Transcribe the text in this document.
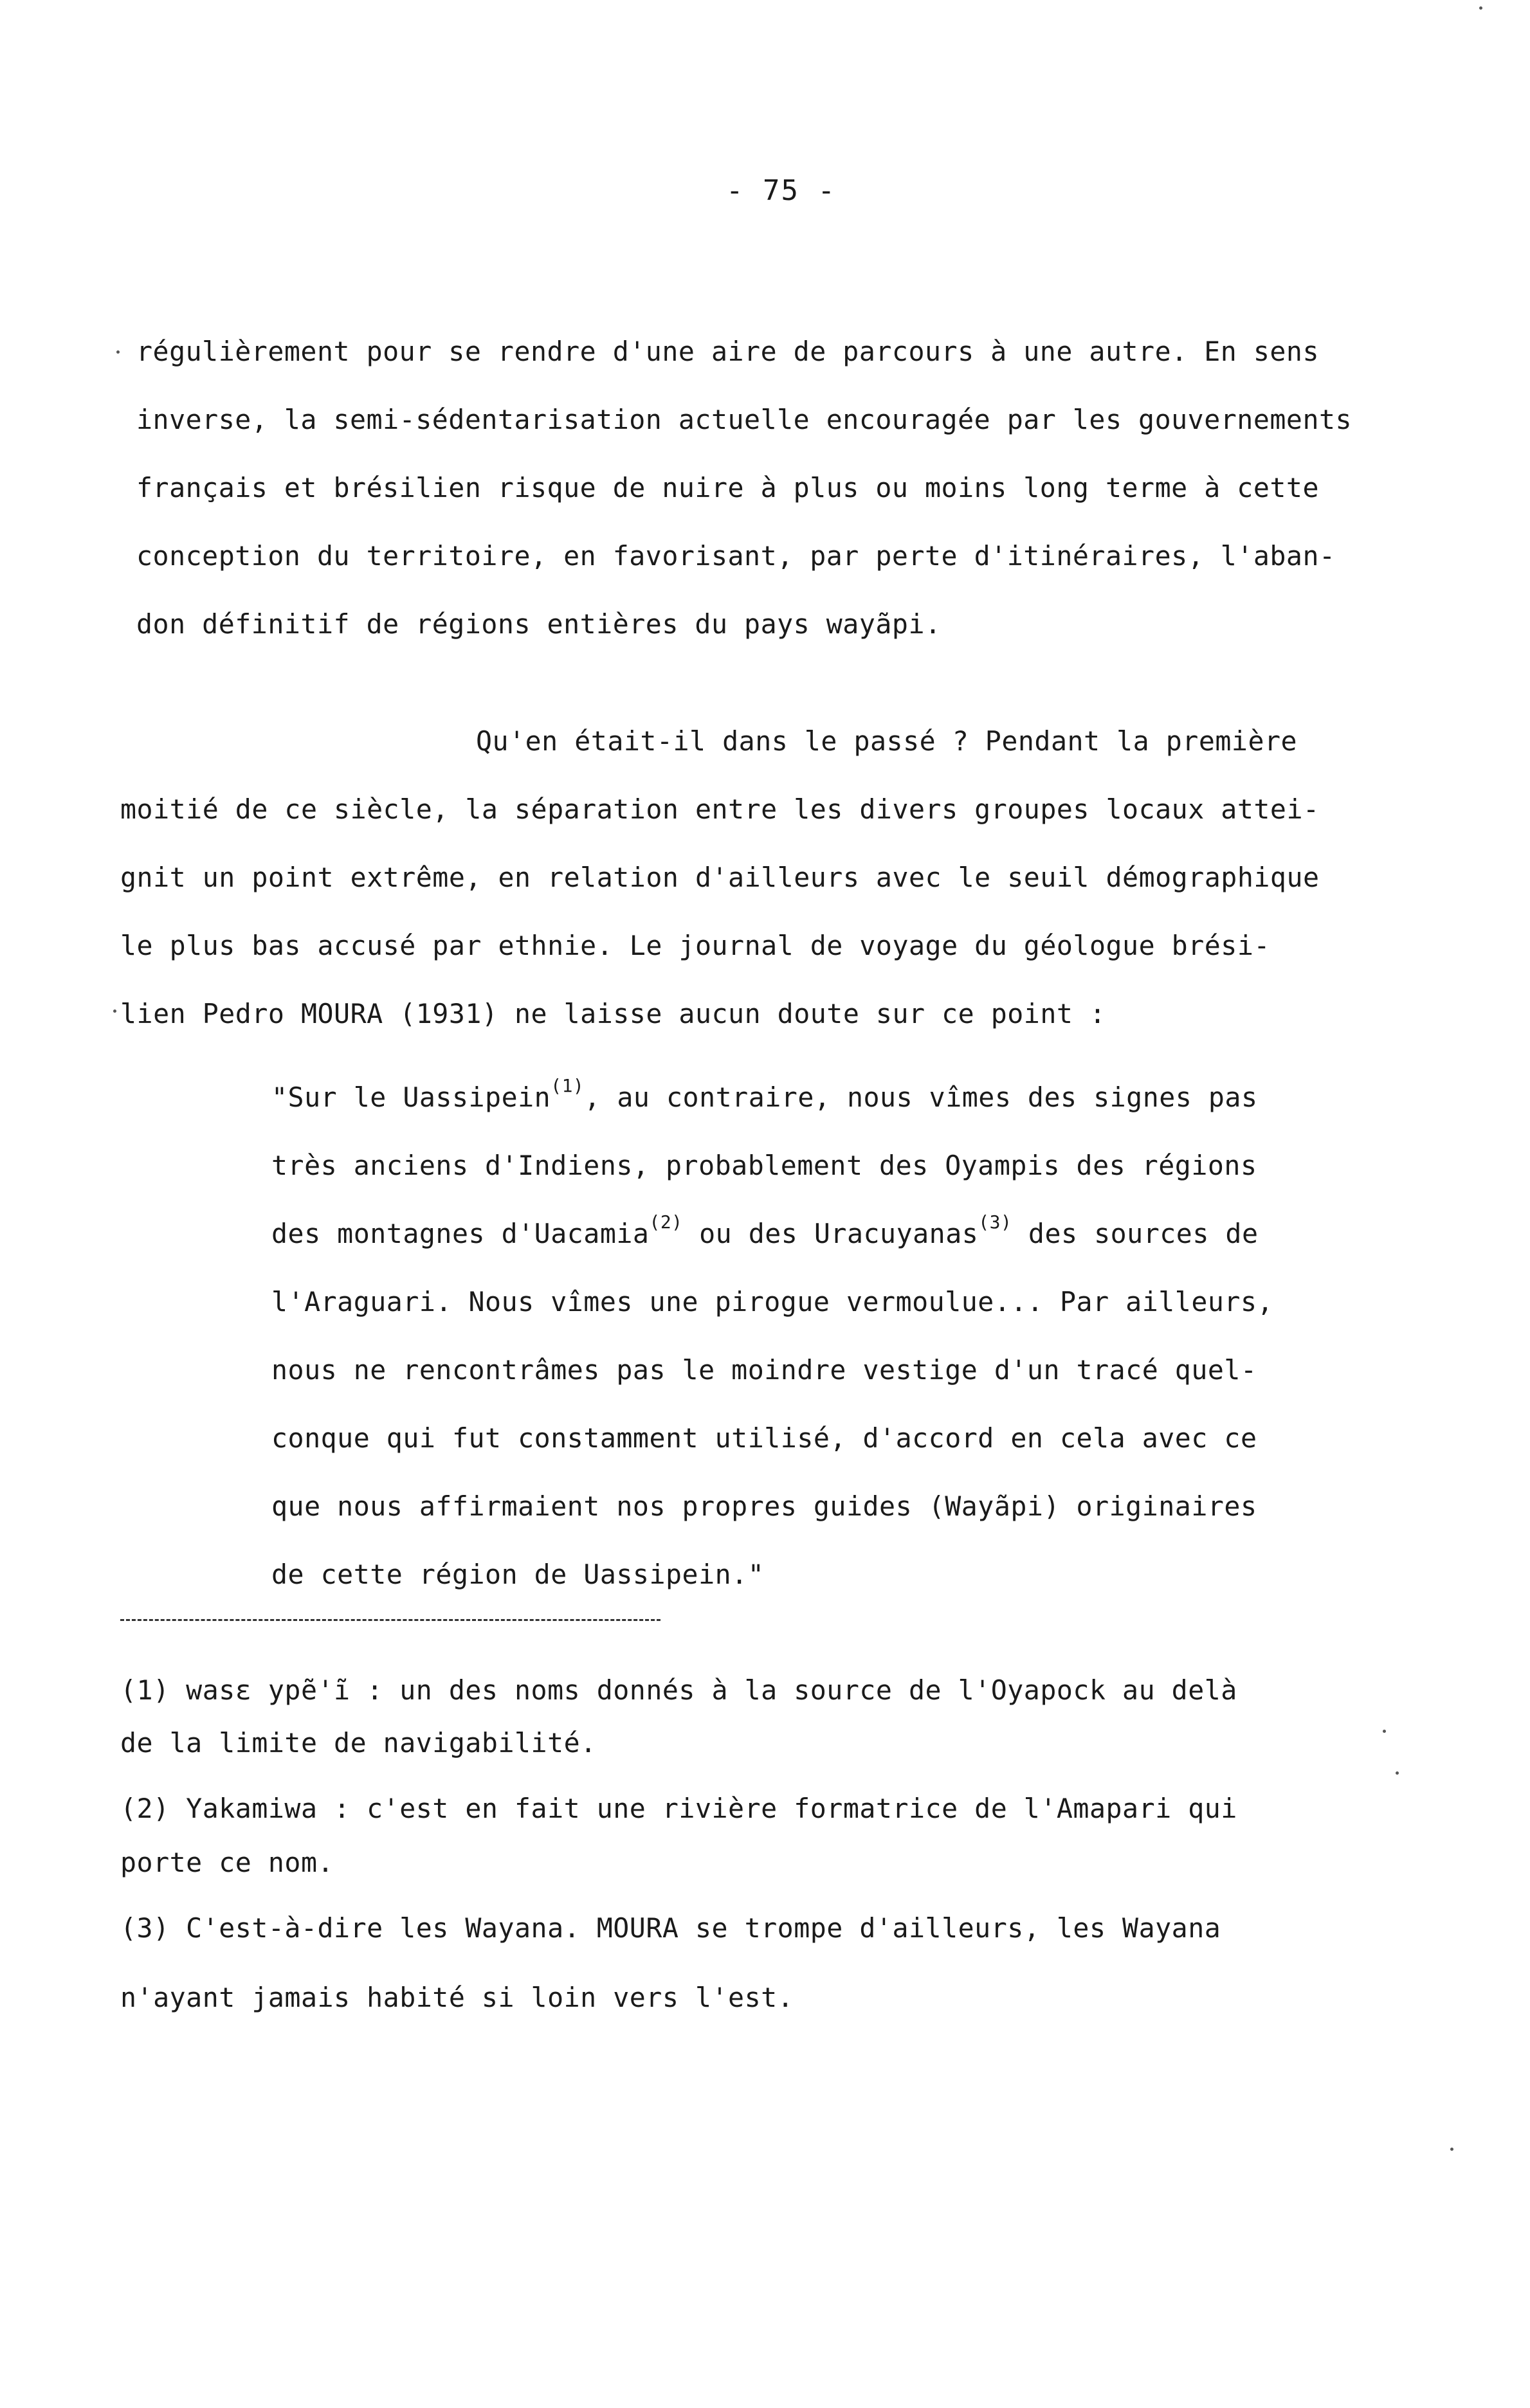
- 75 -
régulièrement pour se rendre d'une aire de parcours à une autre. En sens
inverse, la semi-sédentarisation actuelle encouragée par les gouvernements
français et brésilien risque de nuire à plus ou moins long terme à cette
conception du territoire, en favorisant, par perte d'itinéraires, l'aban-
don définitif de régions entières du pays wayãpi.
Qu'en était-il dans le passé ? Pendant la première
moitié de ce siècle, la séparation entre les divers groupes locaux attei-
gnit un point extrême, en relation d'ailleurs avec le seuil démographique
le plus bas accusé par ethnie. Le journal de voyage du géologue brési-
lien Pedro MOURA (1931) ne laisse aucun doute sur ce point :
"Sur le Uassipein$^{(1)}$, au contraire, nous vîmes des signes pas
très anciens d'Indiens, probablement des Oyampis des régions
des montagnes d'Uacamia$^{(2)}$ ou des Uracuyanas$^{(3)}$ des sources de
l'Araguari. Nous vîmes une pirogue vermoulue... Par ailleurs,
nous ne rencontrâmes pas le moindre vestige d'un tracé quel-
conque qui fut constamment utilisé, d'accord en cela avec ce
que nous affirmaient nos propres guides (Wayãpi) originaires
de cette région de Uassipein."
(1) wasɛ ypẽ'ĩ : un des noms donnés à la source de l'Oyapock au delà
de la limite de navigabilité.
(2) Yakamiwa : c'est en fait une rivière formatrice de l'Amapari qui
porte ce nom.
(3) C'est-à-dire les Wayana. MOURA se trompe d'ailleurs, les Wayana
n'ayant jamais habité si loin vers l'est.
